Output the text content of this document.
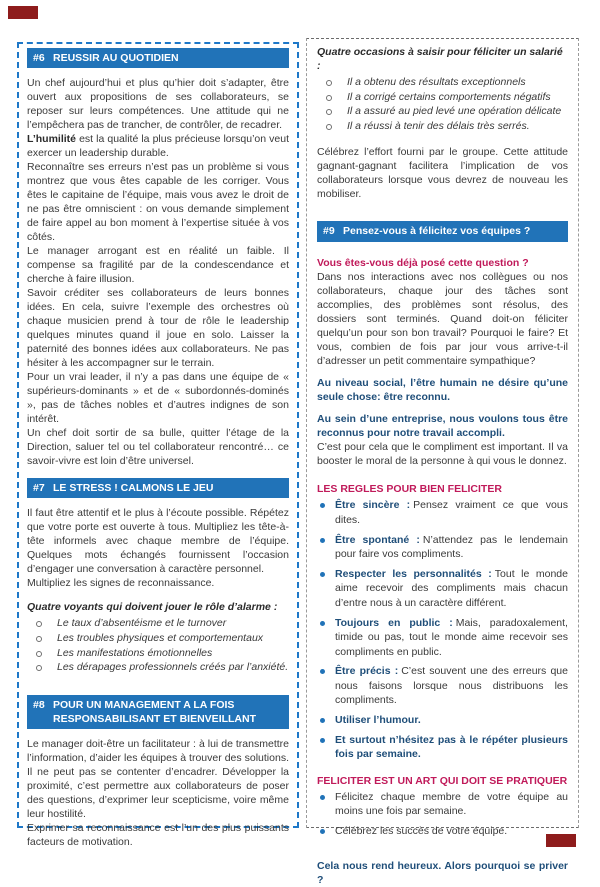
#6 REUSSIR AU QUOTIDIEN

Un chef aujourd’hui et plus qu’hier doit s’adapter, être ouvert aux propositions de ses collaborateurs, se reposer sur leurs compétences. Une attitude qui ne l’empêchera pas de trancher, de contrôler, de recadrer.

L’humilité est la qualité la plus précieuse lorsqu’on veut exercer un leadership durable.

Reconnaître ses erreurs n’est pas un problème si vous montrez que vous êtes capable de les corriger. Vous êtes le capitaine de l’équipe, mais vous avez le droit de ne pas être omniscient : on vous demande simplement de faire appel au bon moment à l’expertise située à vos côtés.

Le manager arrogant est en réalité un faible. Il compense sa fragilité par de la condescendance et cherche à faire illusion.

Savoir créditer ses collaborateurs de leurs bonnes idées. En cela, suivre l’exemple des orchestres où chaque musicien prend à tour de rôle le leadership quelques minutes quand il joue en solo. Laisser la paternité des bonnes idées aux collaborateurs. Ne pas hésiter à les accompagner sur le terrain.

Pour un vrai leader, il n’y a pas dans une équipe de « supérieurs-dominants » et de « subordonnés-dominés », pas de tâches nobles et d’autres indignes de son intérêt.

Un chef doit sortir de sa bulle, quitter l’étage de la Direction, saluer tel ou tel collaborateur rencontré… ce savoir-vivre est loin d’être universel.

#7 LE STRESS ! CALMONS LE JEU

Il faut être attentif et le plus à l’écoute possible. Répétez que votre porte est ouverte à tous. Multipliez les tête-à-tête informels avec chaque membre de l’équipe. Quelques mots échangés fournissent l’occasion d’engager une conversation à caractère personnel.

Multipliez les signes de reconnaissance.

Quatre voyants qui doivent jouer le rôle d’alarme :

Le taux d’absentéisme et le turnover
Les troubles physiques et comportementaux
Les manifestations émotionnelles
Les dérapages professionnels créés par l’anxiété.
#8 POUR UN MANAGEMENT A LA FOIS RESPONSABILISANT ET BIENVEILLANT

Le manager doit-être un facilitateur : à lui de transmettre l’information, d’aider les équipes à trouver des solutions. Il ne peut pas se contenter d’encadrer. Développer la proximité, c’est permettre aux collaborateurs de poser des questions, d’exprimer leur scepticisme, voire même leur hostilité.

Exprimer sa reconnaissance est l’un des plus puissants facteurs de motivation.

Quatre occasions à saisir pour féliciter un salarié :

Il a obtenu des résultats exceptionnels
Il a corrigé certains comportements négatifs
Il a assuré au pied levé une opération délicate
Il a réussi à tenir des délais très serrés.

Célébrez l’effort fourni par le groupe. Cette attitude gagnant-gagnant facilitera l’implication de vos collaborateurs lorsque vous devrez de nouveau les mobiliser.

#9 Pensez-vous à félicitez vos équipes ?

Vous êtes-vous déjà posé cette question ?

Dans nos interactions avec nos collègues ou nos collaborateurs, chaque jour des tâches sont accomplies, des problèmes sont résolus, des dossiers sont terminés. Quand doit-on féliciter quelqu’un pour son bon travail? Pourquoi le faire? Et vous, combien de fois par jour vous arrive-t-il d’adresser un petit commentaire sympathique?

Au niveau social, l’être humain ne désire qu’une seule chose: être reconnu.

Au sein d’une entreprise, nous voulons tous être reconnus pour notre travail accompli.

C’est pour cela que le compliment est important. Il va booster le moral de la personne à qui vous le donnez.

LES REGLES POUR BIEN FELICITER

Être sincère : Pensez vraiment ce que vous dites.
Être spontané : N’attendez pas le lendemain pour faire vos compliments.
Respecter les personnalités : Tout le monde aime recevoir des compliments mais chacun d’entre nous à un caractère différent.
Toujours en public : Mais, paradoxalement, timide ou pas, tout le monde aime recevoir ses compliments en public.
Être précis : C’est souvent une des erreurs que nous faisons lorsque nous distribuons les compliments.
Utiliser l’humour.
Et surtout n’hésitez pas à le répéter plusieurs fois par semaine.

FELICITER EST UN ART QUI DOIT SE PRATIQUER

Félicitez chaque membre de votre équipe au moins une fois par semaine.
Célébrez les succès de votre équipe.

Cela nous rend heureux. Alors pourquoi se priver ?
